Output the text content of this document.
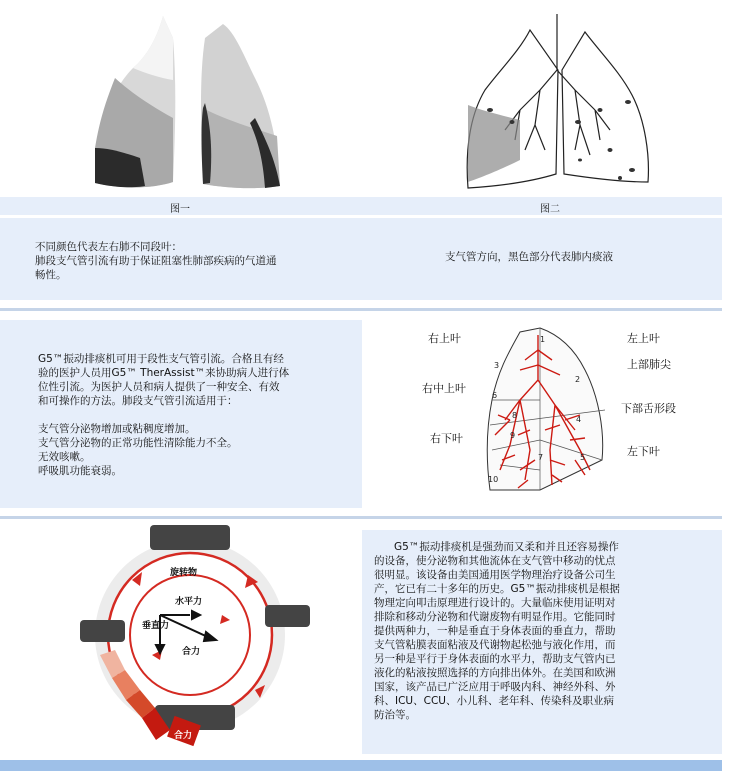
图一	图二
不同颜色代表左右肺不同段叶：
肺段支气管引流有助于保证阻塞性肺部疾病的气道通
畅性。
支气管方向，黑色部分代表肺内痰液
G5™振动排痰机可用于段性支气管引流。合格且有经
验的医护人员用G5™ TherAssist™来协助病人进行体
位性引流。为医护人员和病人提供了一种安全、有效
和可操作的方法。肺段支气管引流适用于：
支气管分泌物增加或粘稠度增加。
支气管分泌物的正常功能性清除能力不全。
无效咳嗽。
呼吸肌功能衰弱。
1
2
3
4
5
6
7
8
9
10
右上叶	左上叶
上部肺尖
右中上叶
下部舌形段
右下叶
左下叶
旋转物
水平力
垂直力
合力
合力
G5™振动排痰机是强劲而又柔和并且还容易操作
的设备，使分泌物和其他流体在支气管中移动的忧点
很明显。该设备由美国通用医学物理治疗设备公司生
产，它已有二十多年的历史。G5™振动排痰机是根据
物理定向叩击原理进行设计的。大量临床使用证明对
排除和移动分泌物和代谢废物有明显作用。它能同时
提供两种力，一种是垂直于身体表面的垂直力，帮助
支气管粘膜表面粘液及代谢物起松弛与液化作用，而
另一种是平行于身体表面的水平力，帮助支气管内已
液化的粘液按照选择的方向排出体外。在美国和欧洲
国家，该产品已广泛应用于呼吸内科、神经外科、外
科、ICU、CCU、小儿科、老年科、传染科及职业病
防治等。
